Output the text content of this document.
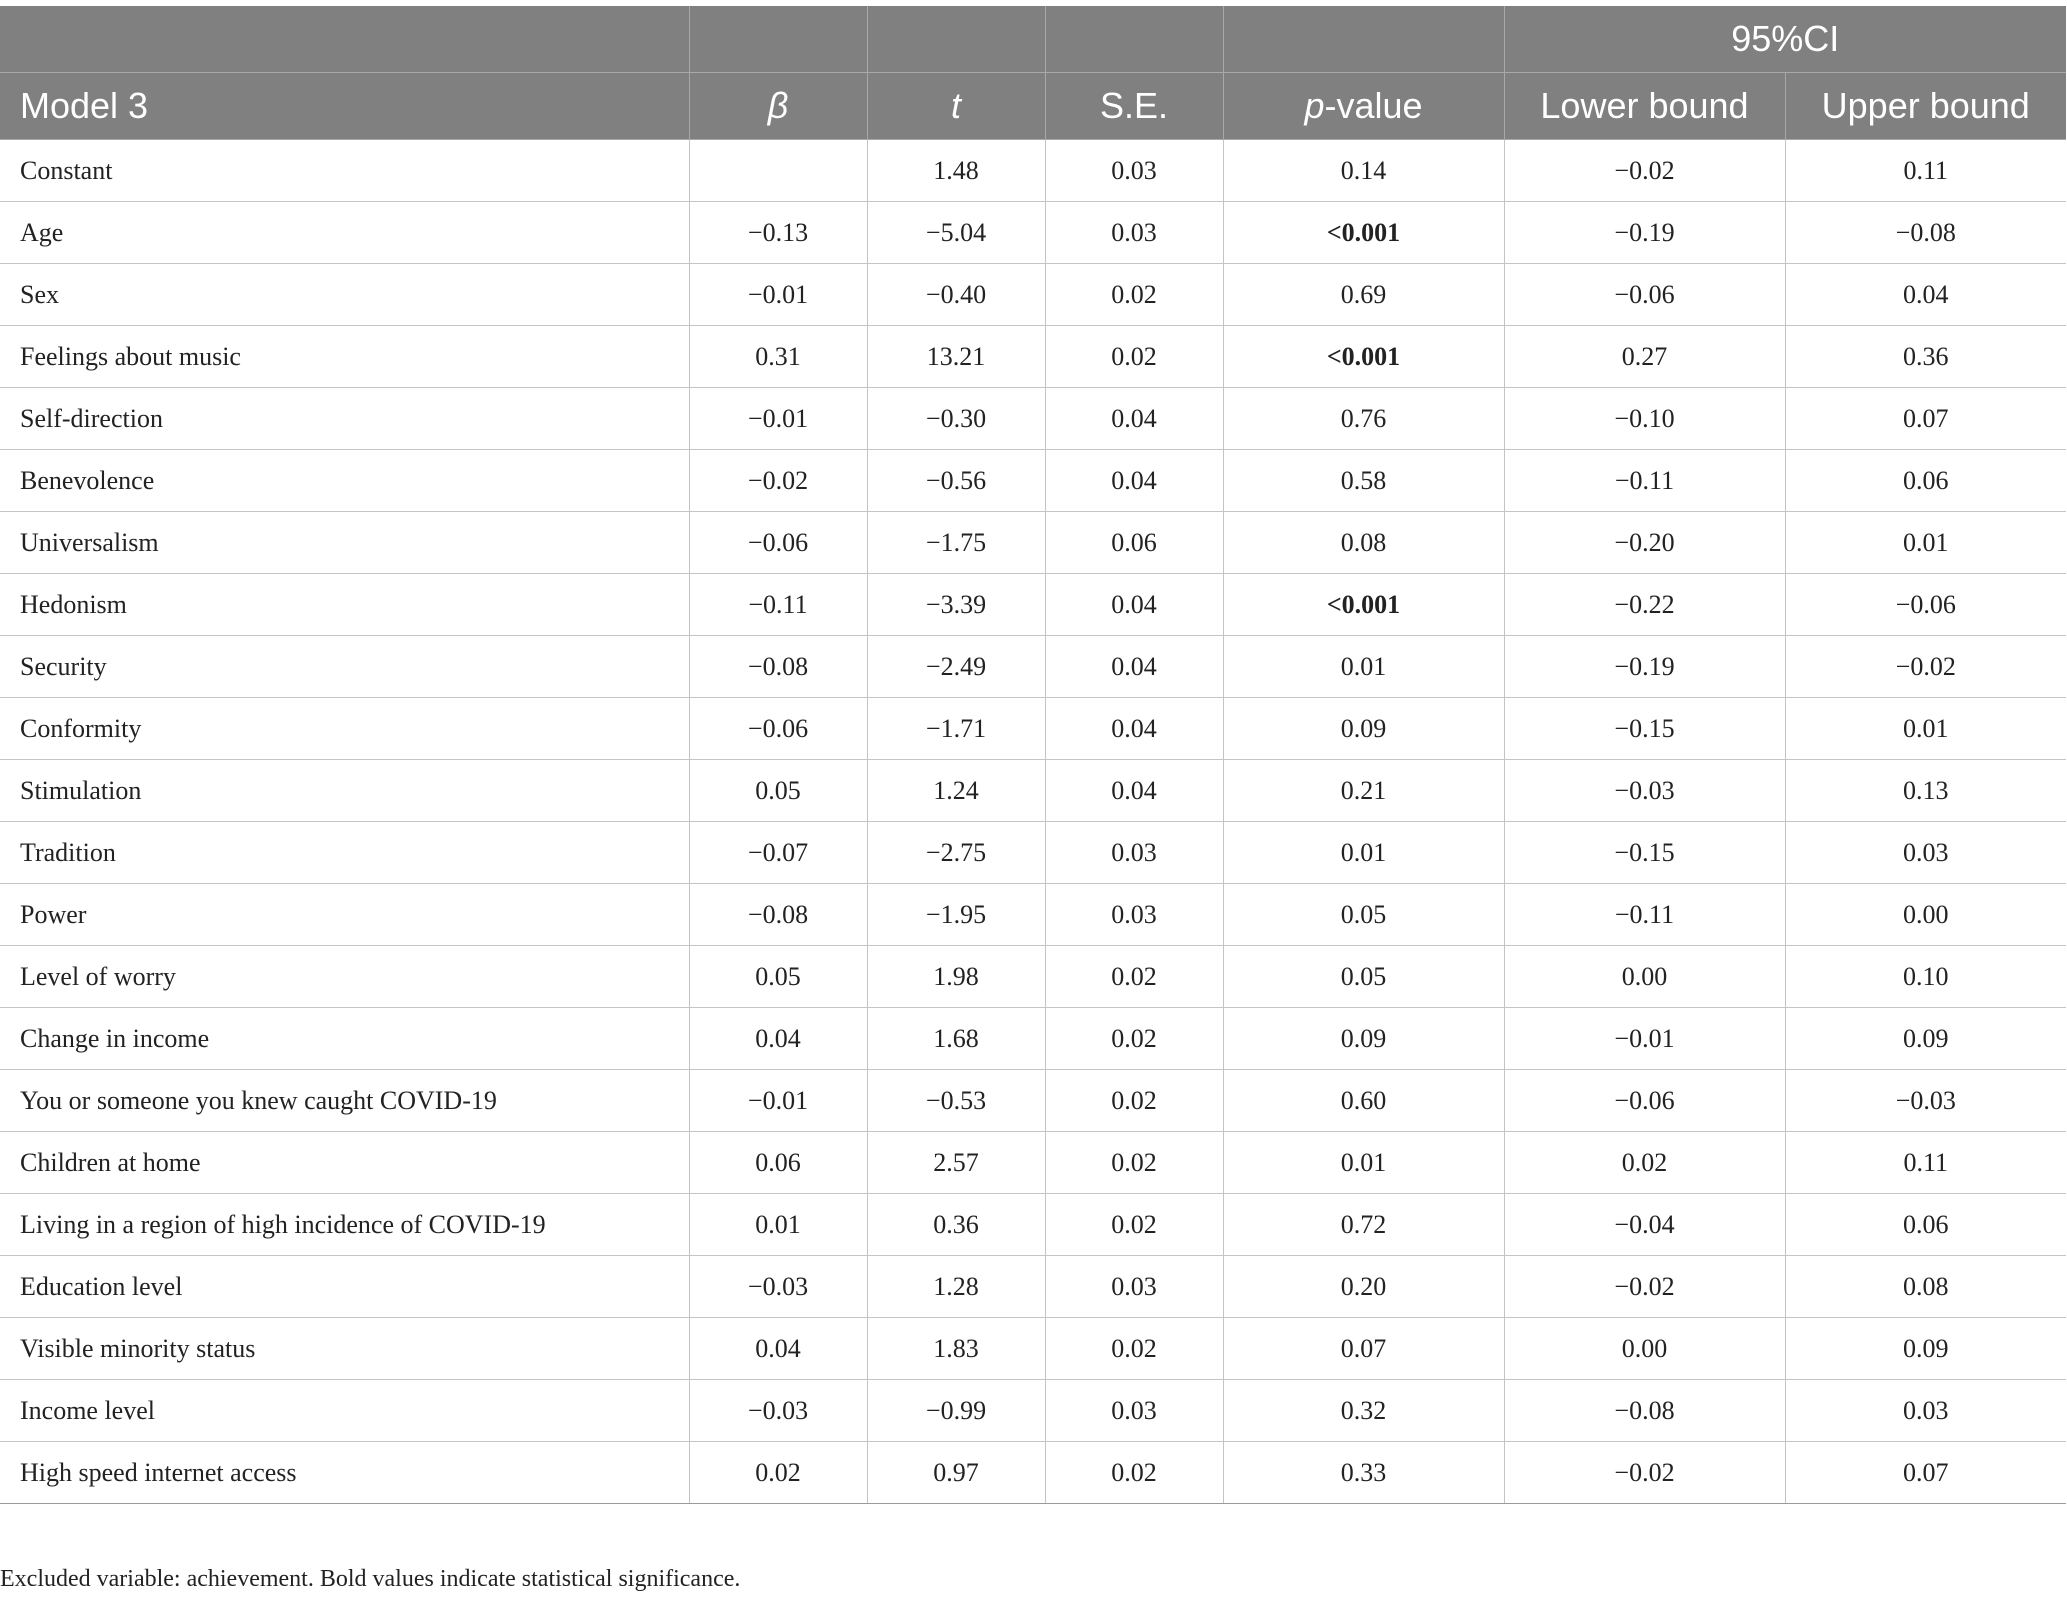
					95%CI	
Model 3	β	t	S.E.	p-value	Lower bound	Upper bound
Constant		1.48	0.03	0.14	−0.02	0.11
Age	−0.13	−5.04	0.03	<0.001	−0.19	−0.08
Sex	−0.01	−0.40	0.02	0.69	−0.06	0.04
Feelings about music	0.31	13.21	0.02	<0.001	0.27	0.36
Self-direction	−0.01	−0.30	0.04	0.76	−0.10	0.07
Benevolence	−0.02	−0.56	0.04	0.58	−0.11	0.06
Universalism	−0.06	−1.75	0.06	0.08	−0.20	0.01
Hedonism	−0.11	−3.39	0.04	<0.001	−0.22	−0.06
Security	−0.08	−2.49	0.04	0.01	−0.19	−0.02
Conformity	−0.06	−1.71	0.04	0.09	−0.15	0.01
Stimulation	0.05	1.24	0.04	0.21	−0.03	0.13
Tradition	−0.07	−2.75	0.03	0.01	−0.15	0.03
Power	−0.08	−1.95	0.03	0.05	−0.11	0.00
Level of worry	0.05	1.98	0.02	0.05	0.00	0.10
Change in income	0.04	1.68	0.02	0.09	−0.01	0.09
You or someone you knew caught COVID-19	−0.01	−0.53	0.02	0.60	−0.06	−0.03
Children at home	0.06	2.57	0.02	0.01	0.02	0.11
Living in a region of high incidence of COVID-19	0.01	0.36	0.02	0.72	−0.04	0.06
Education level	−0.03	1.28	0.03	0.20	−0.02	0.08
Visible minority status	0.04	1.83	0.02	0.07	0.00	0.09
Income level	−0.03	−0.99	0.03	0.32	−0.08	0.03
High speed internet access	0.02	0.97	0.02	0.33	−0.02	0.07
Excluded variable: achievement. Bold values indicate statistical significance.
